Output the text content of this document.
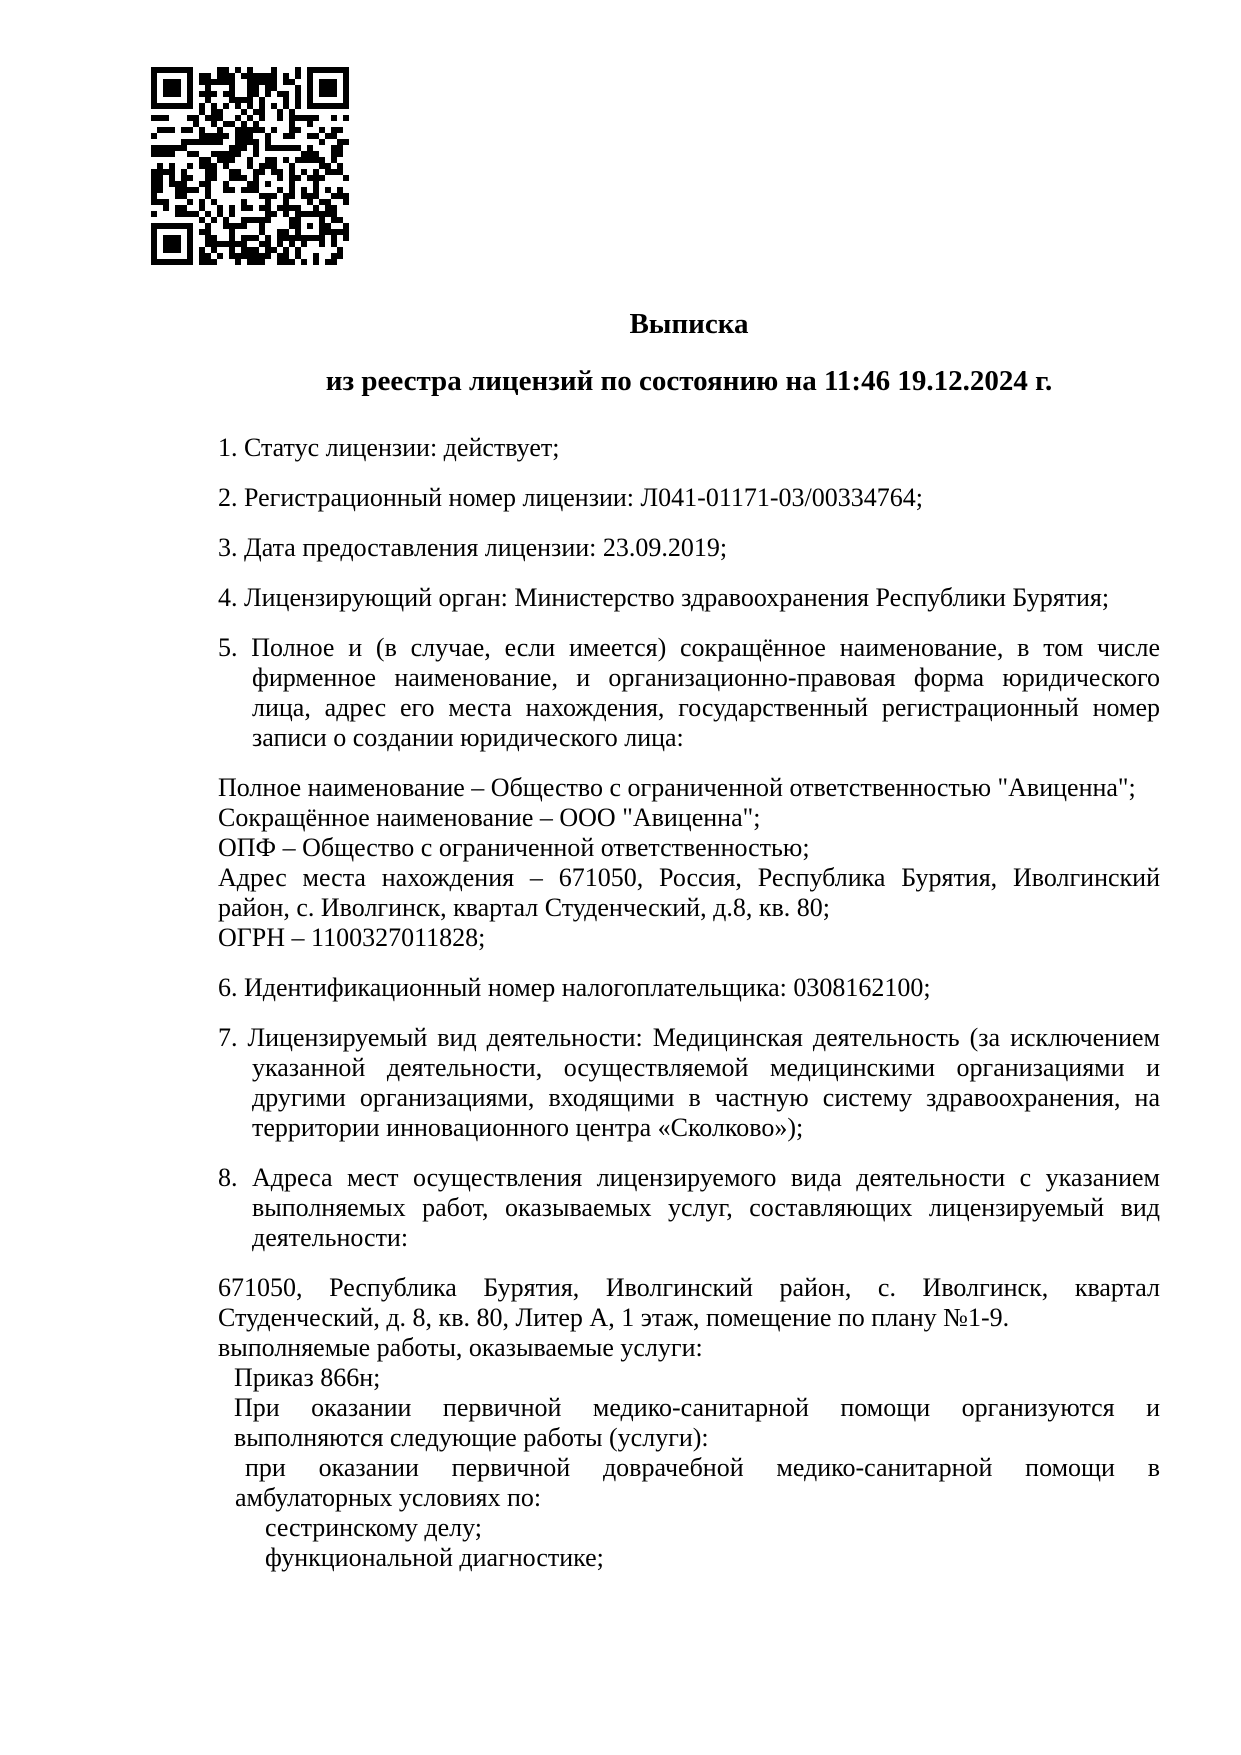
Выписка
из реестра лицензий по состоянию на 11:46 19.12.2024 г.

1. Статус лицензии: действует;

2. Регистрационный номер лицензии: Л041-01171-03/00334764;

3. Дата предоставления лицензии: 23.09.2019;

4. Лицензирующий орган: Министерство здравоохранения Республики Бурятия;

5. Полное и (в случае, если имеется) сокращённое наименование, в том числе фирменное наименование, и организационно-правовая форма юридического лица, адрес его места нахождения, государственный регистрационный номер записи о создании юридического лица:

Полное наименование – Общество с ограниченной ответственностью "Авиценна";

Сокращённое наименование – ООО "Авиценна";

ОПФ – Общество с ограниченной ответственностью;

Адрес места нахождения – 671050, Россия, Республика Бурятия, Иволгинский район, с. Иволгинск, квартал Студенческий, д.8, кв. 80;

ОГРН – 1100327011828;

6. Идентификационный номер налогоплательщика: 0308162100;

7. Лицензируемый вид деятельности: Медицинская деятельность (за исключением указанной деятельности, осуществляемой медицинскими организациями и другими организациями, входящими в частную систему здравоохранения, на территории инновационного центра «Сколково»);

8. Адреса мест осуществления лицензируемого вида деятельности с указанием выполняемых работ, оказываемых услуг, составляющих лицензируемый вид деятельности:

671050, Республика Бурятия, Иволгинский район, с. Иволгинск, квартал Студенческий, д. 8, кв. 80, Литер А, 1 этаж, помещение по плану №1-9.

выполняемые работы, оказываемые услуги:

Приказ 866н;

При оказании первичной медико-санитарной помощи организуются и выполняются следующие работы (услуги):

при оказании первичной доврачебной медико-санитарной помощи в амбулаторных условиях по:

сестринскому делу;

функциональной диагностике;
